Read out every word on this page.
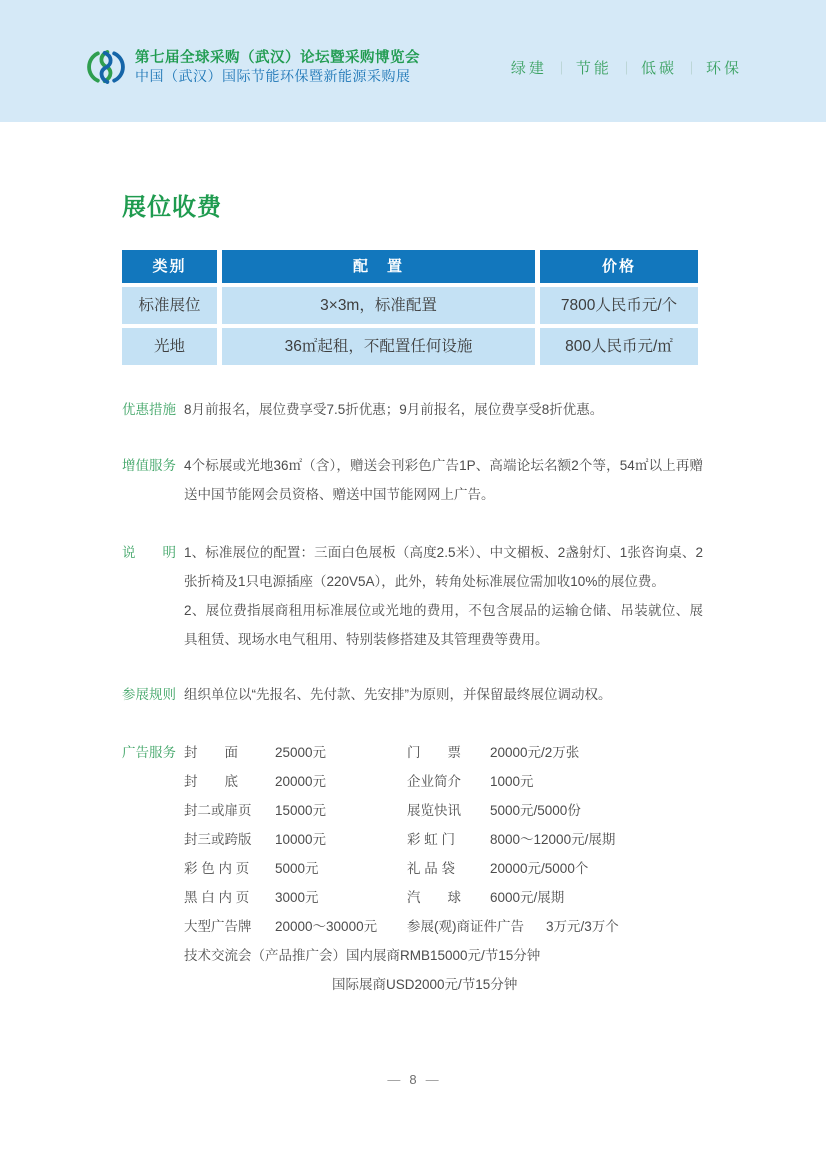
第七届全球采购（武汉）论坛暨采购博览会
中国（武汉）国际节能环保暨新能源采购展	绿建 ｜ 节能 ｜ 低碳 ｜ 环保
展位收费
类别	配　置	价格
标准展位	3×3m，标准配置	7800人民币元/个
光地	36㎡起租，不配置任何设施	800人民币元/㎡
优惠措施 8月前报名，展位费享受7.5折优惠；9月前报名，展位费享受8折优惠。
增值服务 4个标展或光地36㎡（含），赠送会刊彩色广告1P、高端论坛名额2个等，54㎡以上再赠送中国节能网会员资格、赠送中国节能网网上广告。
说　　明 1、标准展位的配置：三面白色展板（高度2.5米）、中文楣板、2盏射灯、1张咨询桌、2张折椅及1只电源插座（220V5A），此外，转角处标准展位需加收10%的展位费。

2、展位费指展商租用标准展位或光地的费用，不包含展品的运输仓储、吊装就位、展具租赁、现场水电气租用、特别装修搭建及其管理费等费用。

参展规则 组织单位以“先报名、先付款、先安排”为原则，并保留最终展位调动权。
广告服务 封　　面	25000元	门　　票	20000元/2万张
封　　底	20000元	企业简介	1000元
封二或扉页	15000元	展览快讯	5000元/5000份
封三或跨版	10000元	彩 虹 门	8000～12000元/展期
彩 色 内 页	5000元	礼 品 袋	20000元/5000个
黑 白 内 页	3000元	汽　　球	6000元/展期
大型广告牌	20000～30000元	参展(观)商证件广告 3万元/3万个
技术交流会（产品推广会） 国内展商RMB 15000元/节15分钟
国际展商USD 2000元/节15分钟
— 8 —
